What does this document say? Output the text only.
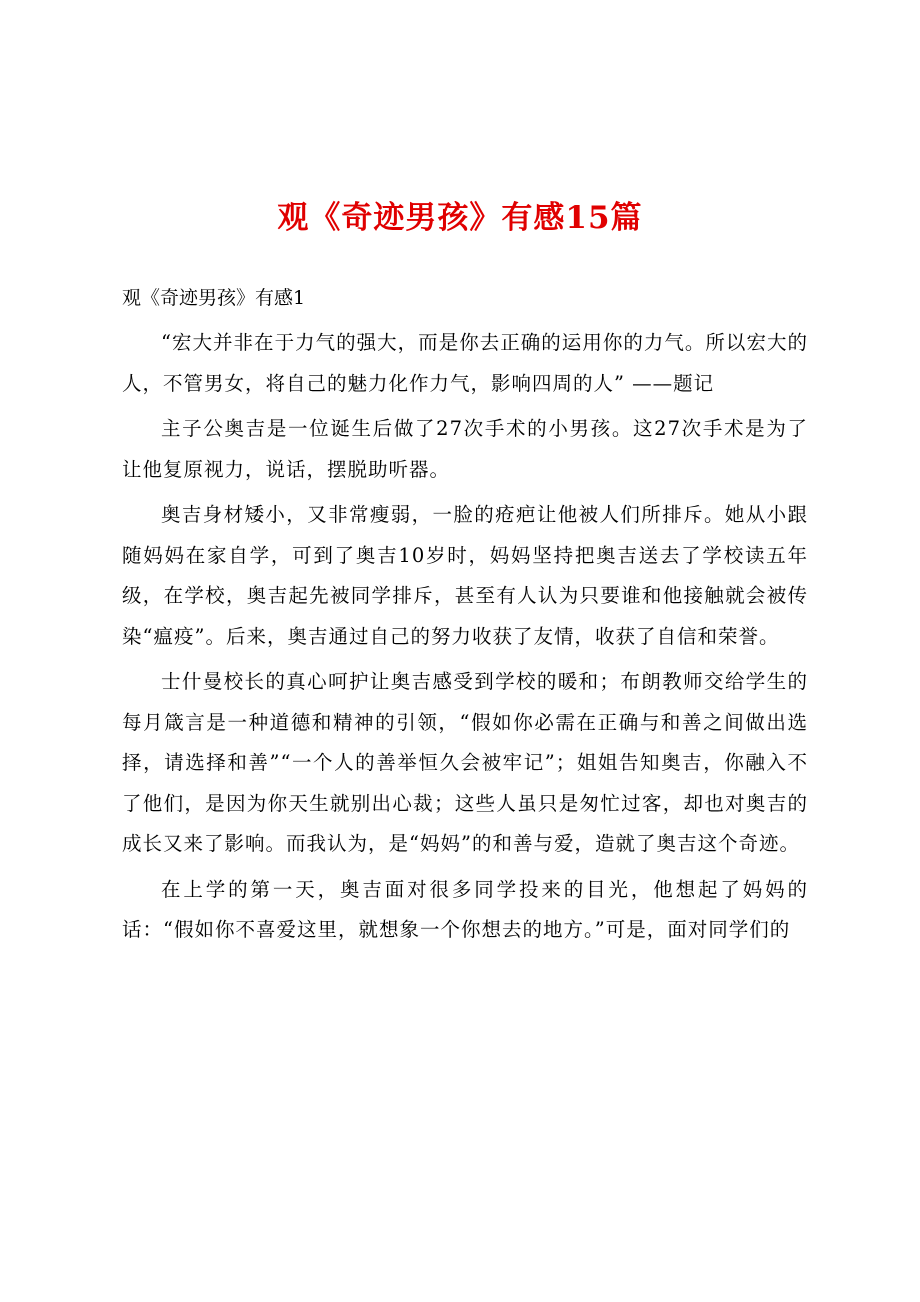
观《奇迹男孩》有感15篇
观《奇迹男孩》有感1

“宏大并非在于力气的强大，而是你去正确的运用你的力气。所以宏大的人，不管男女，将自己的魅力化作力气，影响四周的人” ——题记

主子公奥吉是一位诞生后做了27次手术的小男孩。这27次手术是为了让他复原视力，说话，摆脱助听器。

奥吉身材矮小，又非常瘦弱，一脸的疮疤让他被人们所排斥。她从小跟随妈妈在家自学，可到了奥吉10岁时，妈妈坚持把奥吉送去了学校读五年级，在学校，奥吉起先被同学排斥，甚至有人认为只要谁和他接触就会被传染“瘟疫”。后来，奥吉通过自己的努力收获了友情，收获了自信和荣誉。

士什曼校长的真心呵护让奥吉感受到学校的暖和；布朗教师交给学生的每月箴言是一种道德和精神的引领，“假如你必需在正确与和善之间做出选择，请选择和善”“一个人的善举恒久会被牢记”；姐姐告知奥吉，你融入不了他们，是因为你天生就别出心裁；这些人虽只是匆忙过客，却也对奥吉的成长又来了影响。而我认为，是“妈妈”的和善与爱，造就了奥吉这个奇迹。

在上学的第一天，奥吉面对很多同学投来的目光，他想起了妈妈的话：“假如你不喜爱这里，就想象一个你想去的地方。”可是，面对同学们的
